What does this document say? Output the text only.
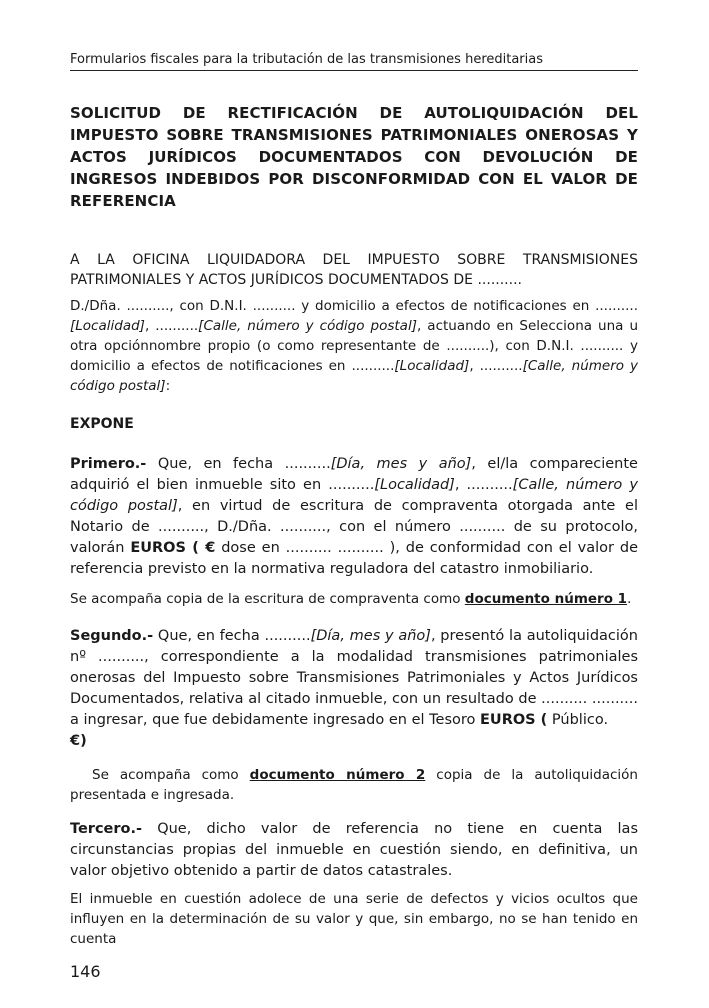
Formularios fiscales para la tributación de las transmisiones hereditarias
SOLICITUD DE RECTIFICACIÓN DE AUTOLIQUIDACIÓN DEL IMPUESTO SOBRE TRANSMISIONES PATRIMONIALES ONEROSAS Y ACTOS JURÍDICOS DOCUMENTADOS CON DEVOLUCIÓN DE INGRESOS INDEBIDOS POR DISCONFORMIDAD CON EL VALOR DE REFERENCIA

A LA OFICINA LIQUIDADORA DEL IMPUESTO SOBRE TRANSMISIONES PATRIMONIALES Y ACTOS JURÍDICOS DOCUMENTADOS DE ..........

D./Dña. .........., con D.N.I. .......... y domicilio a efectos de notificaciones en .......... [Localidad], ..........[Calle, número y código postal], actuando en Selecciona una u otra opciónnombre propio (o como representante de ..........), con D.N.I. .......... y domicilio a efectos de notificaciones en ..........[Localidad], ..........[Calle, número y código postal]:

EXPONE

Primero.- Que, en fecha ..........[Día, mes y año], el/la compareciente adquirió el bien inmueble sito en ..........[Localidad], ..........[Calle, número y código postal], en virtud de escritura de compraventa otorgada ante el Notario de .........., D./Dña. .........., con el número .......... de su protocolo, valorán EUROS ( € dose en .......... .......... ), de conformidad con el valor de referencia previsto en la normativa reguladora del catastro inmobiliario.

Se acompaña copia de la escritura de compraventa como documento número 1.

Segundo.- Que, en fecha ..........[Día, mes y año], presentó la autoliquidación nº .........., correspondiente a la modalidad transmisiones patrimoniales onerosas del Impuesto sobre Transmisiones Patrimoniales y Actos Jurídicos Documentados, relativa al citado inmueble, con un resultado de .......... .......... a ingresar, que fue debidamente ingresado en el Tesoro EUROS ( Público.
€)

Se acompaña como documento número 2 copia de la autoliquidación presentada e ingresada.

Tercero.- Que, dicho valor de referencia no tiene en cuenta las circunstancias propias del inmueble en cuestión siendo, en definitiva, un valor objetivo obtenido a partir de datos catastrales.

El inmueble en cuestión adolece de una serie de defectos y vicios ocultos que influyen en la determinación de su valor y que, sin embargo, no se han tenido en cuenta

146
